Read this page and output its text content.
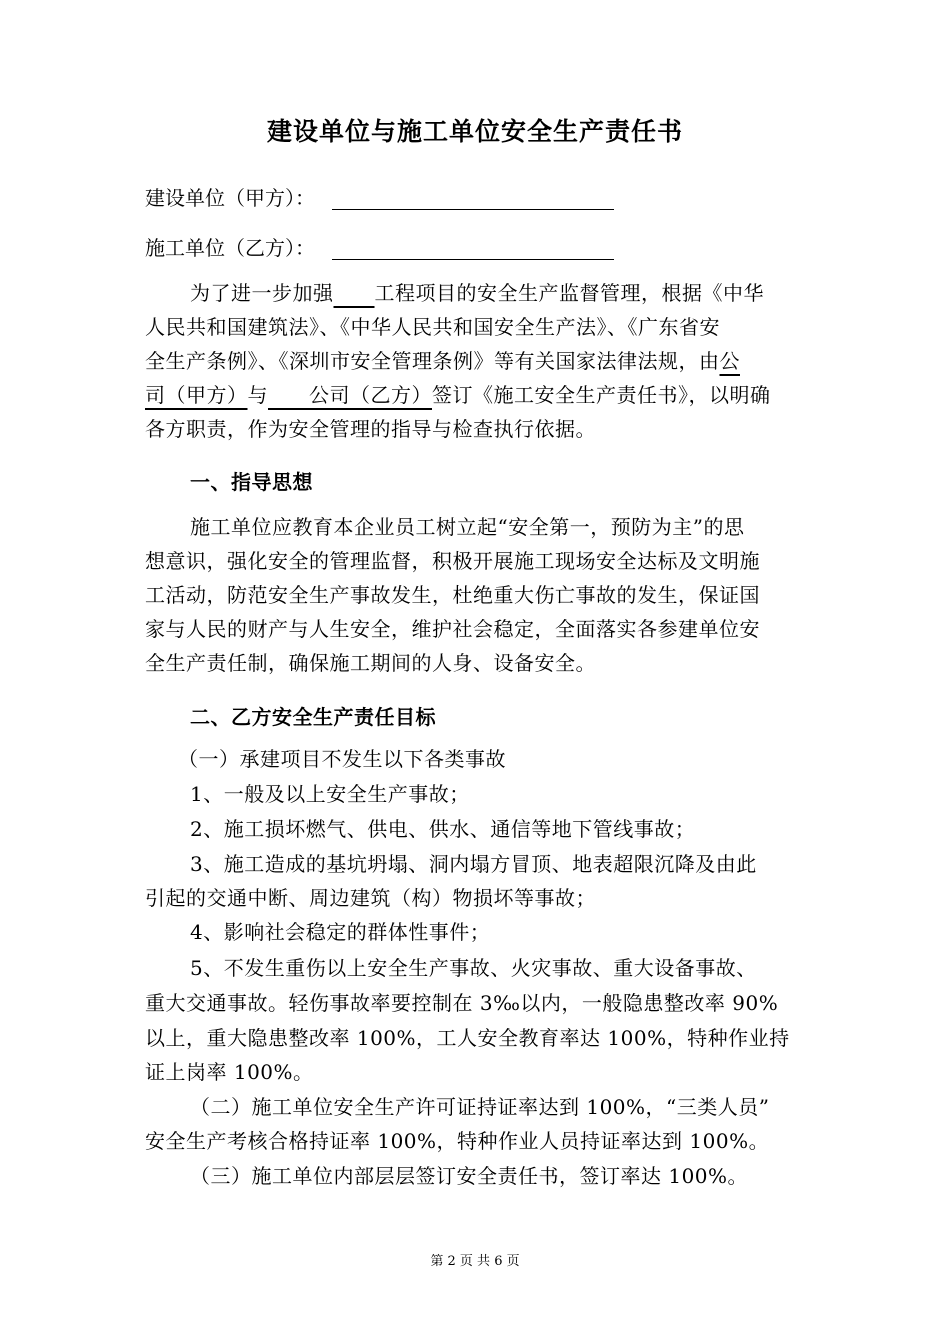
建设单位与施工单位安全生产责任书
建设单位（甲方）：
施工单位（乙方）：
为了进一步加强   工程项目的安全生产监督管理，根据《中华
人民共和国建筑法》、《中华人民共和国安全生产法》、《广东省安
全生产条例》、《深圳市安全管理条例》等有关国家法律法规，由公
司（甲方）与   公司（乙方）签订《施工安全生产责任书》，以明确
各方职责，作为安全管理的指导与检查执行依据。
一、指导思想
施工单位应教育本企业员工树立起“安全第一，预防为主”的思
想意识，强化安全的管理监督，积极开展施工现场安全达标及文明施
工活动，防范安全生产事故发生，杜绝重大伤亡事故的发生，保证国
家与人民的财产与人生安全，维护社会稳定，全面落实各参建单位安
全生产责任制，确保施工期间的人身、设备安全。
二、乙方安全生产责任目标
（一）承建项目不发生以下各类事故
1、一般及以上安全生产事故；
2、施工损坏燃气、供电、供水、通信等地下管线事故；
3、施工造成的基坑坍塌、洞内塌方冒顶、地表超限沉降及由此
引起的交通中断、周边建筑（构）物损坏等事故；
4、影响社会稳定的群体性事件；
5、不发生重伤以上安全生产事故、火灾事故、重大设备事故、
重大交通事故。轻伤事故率要控制在 3‰以内，一般隐患整改率 90%
以上，重大隐患整改率 100%，工人安全教育率达 100%，特种作业持
证上岗率 100%。
（二）施工单位安全生产许可证持证率达到 100%，“三类人员”
安全生产考核合格持证率 100%，特种作业人员持证率达到 100%。
（三）施工单位内部层层签订安全责任书，签订率达 100%。
第 2 页 共 6 页
